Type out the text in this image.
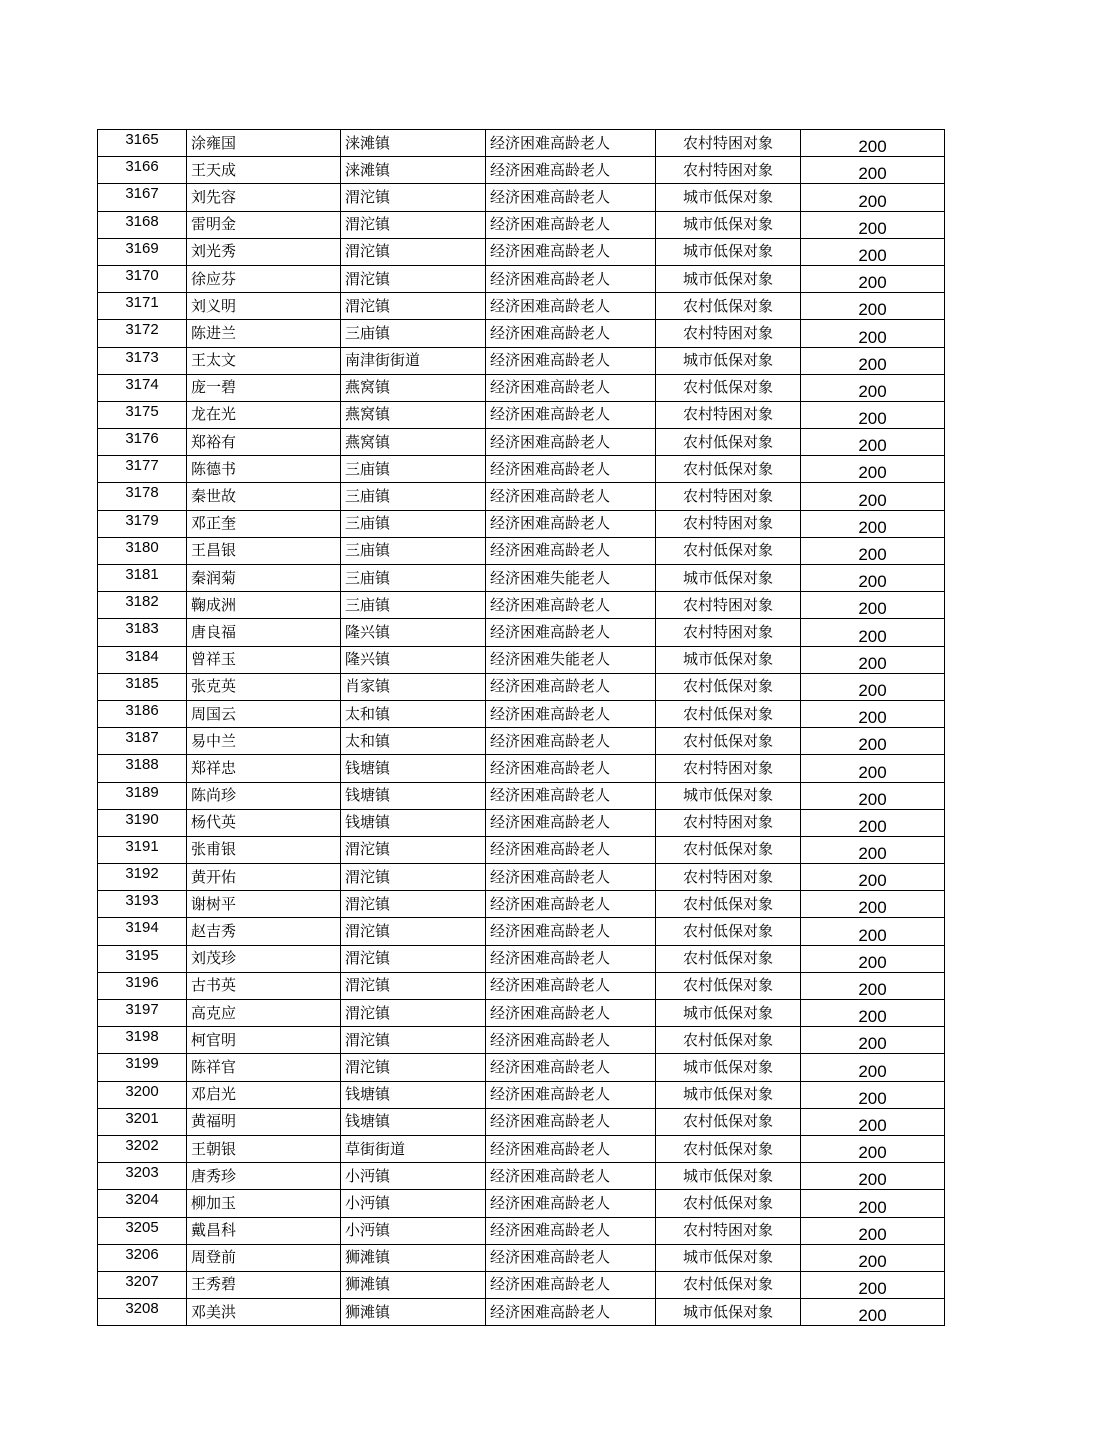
3165	涂雍国	涞滩镇	经济困难高龄老人	农村特困对象	200
3166	王天成	涞滩镇	经济困难高龄老人	农村特困对象	200
3167	刘先容	渭沱镇	经济困难高龄老人	城市低保对象	200
3168	雷明金	渭沱镇	经济困难高龄老人	城市低保对象	200
3169	刘光秀	渭沱镇	经济困难高龄老人	城市低保对象	200
3170	徐应芬	渭沱镇	经济困难高龄老人	城市低保对象	200
3171	刘义明	渭沱镇	经济困难高龄老人	农村低保对象	200
3172	陈进兰	三庙镇	经济困难高龄老人	农村特困对象	200
3173	王太文	南津街街道	经济困难高龄老人	城市低保对象	200
3174	庞一碧	燕窝镇	经济困难高龄老人	农村低保对象	200
3175	龙在光	燕窝镇	经济困难高龄老人	农村特困对象	200
3176	郑裕有	燕窝镇	经济困难高龄老人	农村低保对象	200
3177	陈德书	三庙镇	经济困难高龄老人	农村低保对象	200
3178	秦世故	三庙镇	经济困难高龄老人	农村特困对象	200
3179	邓正奎	三庙镇	经济困难高龄老人	农村特困对象	200
3180	王昌银	三庙镇	经济困难高龄老人	农村低保对象	200
3181	秦润菊	三庙镇	经济困难失能老人	城市低保对象	200
3182	鞠成洲	三庙镇	经济困难高龄老人	农村特困对象	200
3183	唐良福	隆兴镇	经济困难高龄老人	农村特困对象	200
3184	曾祥玉	隆兴镇	经济困难失能老人	城市低保对象	200
3185	张克英	肖家镇	经济困难高龄老人	农村低保对象	200
3186	周国云	太和镇	经济困难高龄老人	农村低保对象	200
3187	易中兰	太和镇	经济困难高龄老人	农村低保对象	200
3188	郑祥忠	钱塘镇	经济困难高龄老人	农村特困对象	200
3189	陈尚珍	钱塘镇	经济困难高龄老人	城市低保对象	200
3190	杨代英	钱塘镇	经济困难高龄老人	农村特困对象	200
3191	张甫银	渭沱镇	经济困难高龄老人	农村低保对象	200
3192	黄开佑	渭沱镇	经济困难高龄老人	农村特困对象	200
3193	谢树平	渭沱镇	经济困难高龄老人	农村低保对象	200
3194	赵吉秀	渭沱镇	经济困难高龄老人	农村低保对象	200
3195	刘茂珍	渭沱镇	经济困难高龄老人	农村低保对象	200
3196	古书英	渭沱镇	经济困难高龄老人	农村低保对象	200
3197	高克应	渭沱镇	经济困难高龄老人	城市低保对象	200
3198	柯官明	渭沱镇	经济困难高龄老人	农村低保对象	200
3199	陈祥官	渭沱镇	经济困难高龄老人	城市低保对象	200
3200	邓启光	钱塘镇	经济困难高龄老人	城市低保对象	200
3201	黄福明	钱塘镇	经济困难高龄老人	农村低保对象	200
3202	王朝银	草街街道	经济困难高龄老人	农村低保对象	200
3203	唐秀珍	小沔镇	经济困难高龄老人	城市低保对象	200
3204	柳加玉	小沔镇	经济困难高龄老人	农村低保对象	200
3205	戴昌科	小沔镇	经济困难高龄老人	农村特困对象	200
3206	周登前	狮滩镇	经济困难高龄老人	城市低保对象	200
3207	王秀碧	狮滩镇	经济困难高龄老人	农村低保对象	200
3208	邓美洪	狮滩镇	经济困难高龄老人	城市低保对象	200
